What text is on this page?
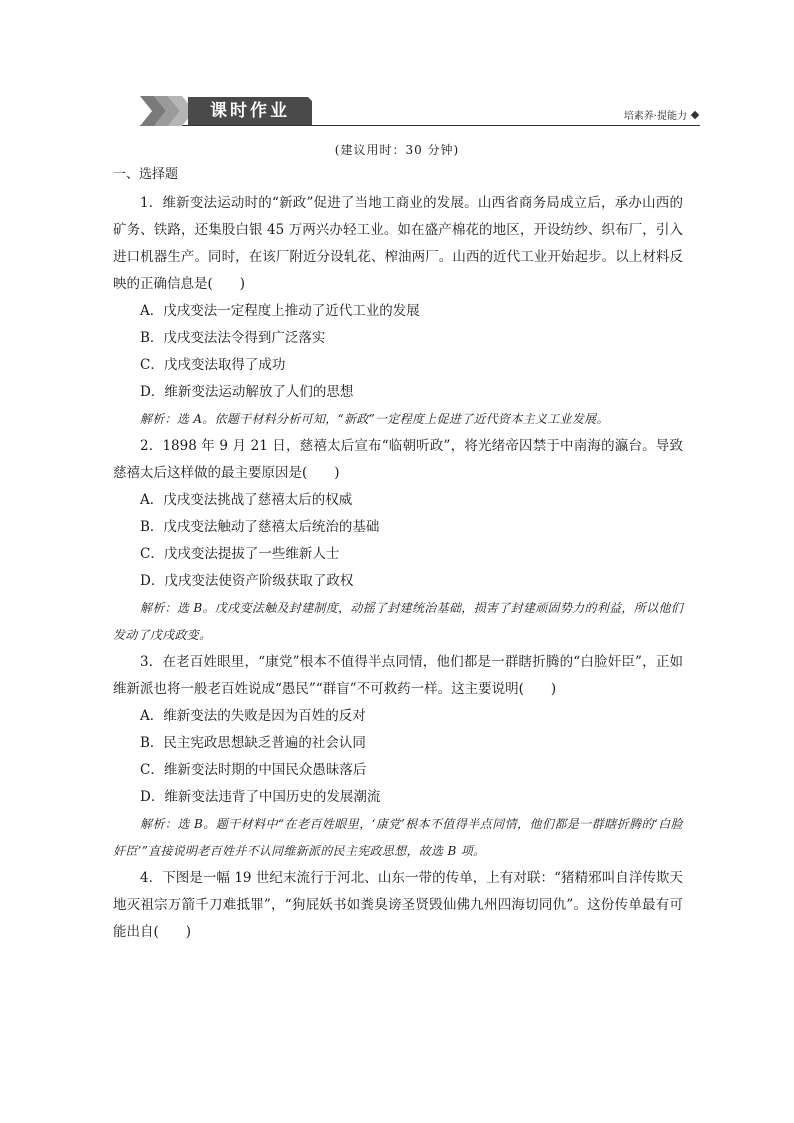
课时作业	培素养·提能力
(建议用时：30 分钟)

一、选择题

1．维新变法运动时的“新政”促进了当地工商业的发展。山西省商务局成立后，承办山西的矿务、铁路，还集股白银 45 万两兴办轻工业。如在盛产棉花的地区，开设纺纱、织布厂，引入进口机器生产。同时，在该厂附近分设轧花、榨油两厂。山西的近代工业开始起步。以上材料反映的正确信息是(　　)

A．戊戌变法一定程度上推动了近代工业的发展

B．戊戌变法法令得到广泛落实

C．戊戌变法取得了成功

D．维新变法运动解放了人们的思想

解析：选 A。依题干材料分析可知，“新政”一定程度上促进了近代资本主义工业发展。

2．1898 年 9 月 21 日，慈禧太后宣布“临朝听政”，将光绪帝囚禁于中南海的瀛台。导致慈禧太后这样做的最主要原因是(　　)

A．戊戌变法挑战了慈禧太后的权威

B．戊戌变法触动了慈禧太后统治的基础

C．戊戌变法提拔了一些维新人士

D．戊戌变法使资产阶级获取了政权

解析：选 B。戊戌变法触及封建制度，动摇了封建统治基础，损害了封建顽固势力的利益，所以他们发动了戊戌政变。

3．在老百姓眼里，“康党”根本不值得半点同情，他们都是一群瞎折腾的“白脸奸臣”，正如维新派也将一般老百姓说成“愚民”“群盲”不可救药一样。这主要说明(　　)

A．维新变法的失败是因为百姓的反对

B．民主宪政思想缺乏普遍的社会认同

C．维新变法时期的中国民众愚昧落后

D．维新变法违背了中国历史的发展潮流

解析：选 B。题干材料中“在老百姓眼里，‘康党’根本不值得半点同情，他们都是一群瞎折腾的‘白脸奸臣’”直接说明老百姓并不认同维新派的民主宪政思想，故选 B 项。

4．下图是一幅 19 世纪末流行于河北、山东一带的传单，上有对联：“猪精邪叫自洋传欺天地灭祖宗万箭千刀难抵罪”，“狗屁妖书如粪臭谤圣贤毁仙佛九州四海切同仇”。这份传单最有可能出自(　　)
